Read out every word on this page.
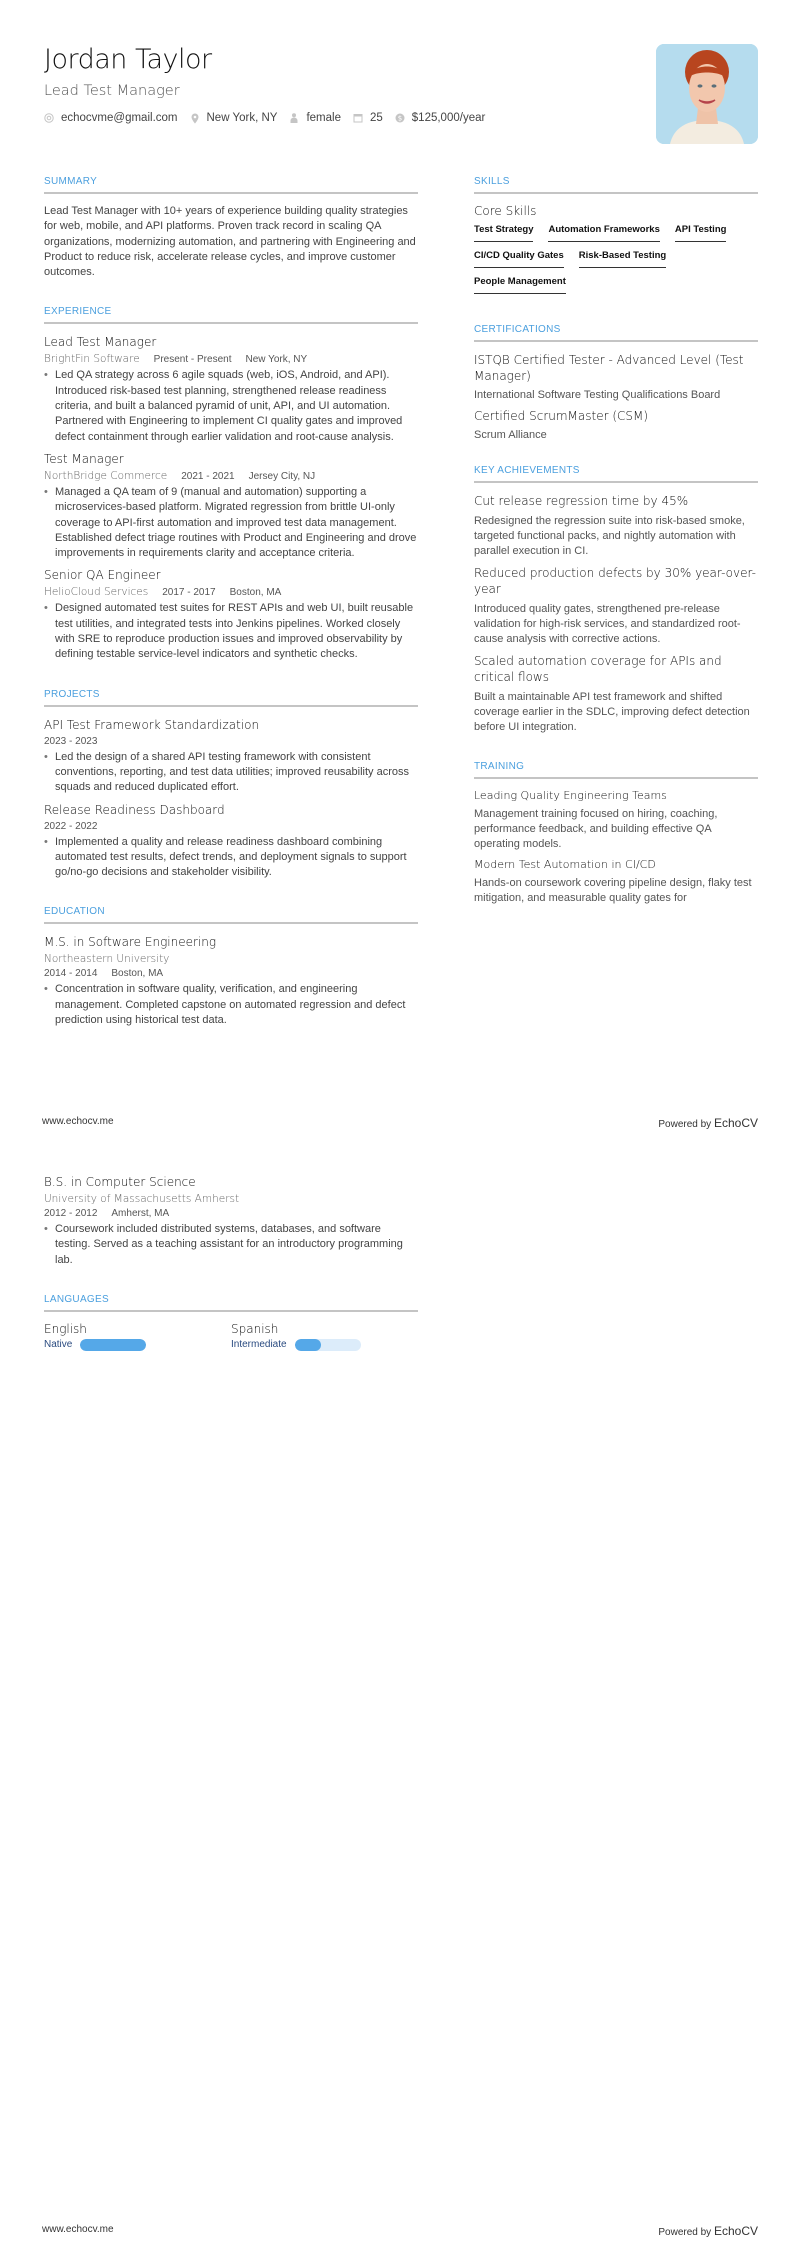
Jordan Taylor
Lead Test Manager
echocvme@gmail.com	New York, NY	female	25 $ $125,000/year
SUMMARY
Lead Test Manager with 10+ years of experience building quality strategies for web, mobile, and API platforms. Proven track record in scaling QA organizations, modernizing automation, and partnering with Engineering and Product to reduce risk, accelerate release cycles, and improve customer outcomes.
EXPERIENCE
Lead Test Manager
BrightFin Software Present - Present New York, NY
• Led QA strategy across 6 agile squads (web, iOS, Android, and API). Introduced risk-based test planning, strengthened release readiness criteria, and built a balanced pyramid of unit, API, and UI automation. Partnered with Engineering to implement CI quality gates and improved defect containment through earlier validation and root-cause analysis.
Test Manager
NorthBridge Commerce 2021 - 2021 Jersey City, NJ
• Managed a QA team of 9 (manual and automation) supporting a microservices-based platform. Migrated regression from brittle UI-only coverage to API-first automation and improved test data management. Established defect triage routines with Product and Engineering and drove improvements in requirements clarity and acceptance criteria.
Senior QA Engineer
HelioCloud Services 2017 - 2017 Boston, MA
• Designed automated test suites for REST APIs and web UI, built reusable test utilities, and integrated tests into Jenkins pipelines. Worked closely with SRE to reproduce production issues and improved observability by defining testable service-level indicators and synthetic checks.
PROJECTS
API Test Framework Standardization
2023 - 2023
• Led the design of a shared API testing framework with consistent conventions, reporting, and test data utilities; improved reusability across squads and reduced duplicated effort.
Release Readiness Dashboard
2022 - 2022
• Implemented a quality and release readiness dashboard combining automated test results, defect trends, and deployment signals to support go/no-go decisions and stakeholder visibility.
EDUCATION
M.S. in Software Engineering
Northeastern University
2014 - 2014 Boston, MA
• Concentration in software quality, verification, and engineering management. Completed capstone on automated regression and defect prediction using historical test data.
SKILLS
Core Skills
Test Strategy Automation Frameworks API Testing
CI/CD Quality Gates Risk-Based Testing
People Management
CERTIFICATIONS
ISTQB Certified Tester - Advanced Level (Test Manager)
International Software Testing Qualifications Board
Certified ScrumMaster (CSM)
Scrum Alliance
KEY ACHIEVEMENTS
Cut release regression time by 45%
Redesigned the regression suite into risk-based smoke, targeted functional packs, and nightly automation with parallel execution in CI.
Reduced production defects by 30% year-over-year
Introduced quality gates, strengthened pre-release validation for high-risk services, and standardized root-cause analysis with corrective actions.
Scaled automation coverage for APIs and critical flows
Built a maintainable API test framework and shifted coverage earlier in the SDLC, improving defect detection before UI integration.
TRAINING
Leading Quality Engineering Teams
Management training focused on hiring, coaching, performance feedback, and building effective QA operating models.
Modern Test Automation in CI/CD
Hands-on coursework covering pipeline design, flaky test mitigation, and measurable quality gates for
www.echocv.me	Powered by EchoCV
B.S. in Computer Science
University of Massachusetts Amherst
2012 - 2012 Amherst, MA
• Coursework included distributed systems, databases, and software testing. Served as a teaching assistant for an introductory programming lab.
LANGUAGES
English
Native
Spanish
Intermediate
www.echocv.me	Powered by EchoCV
